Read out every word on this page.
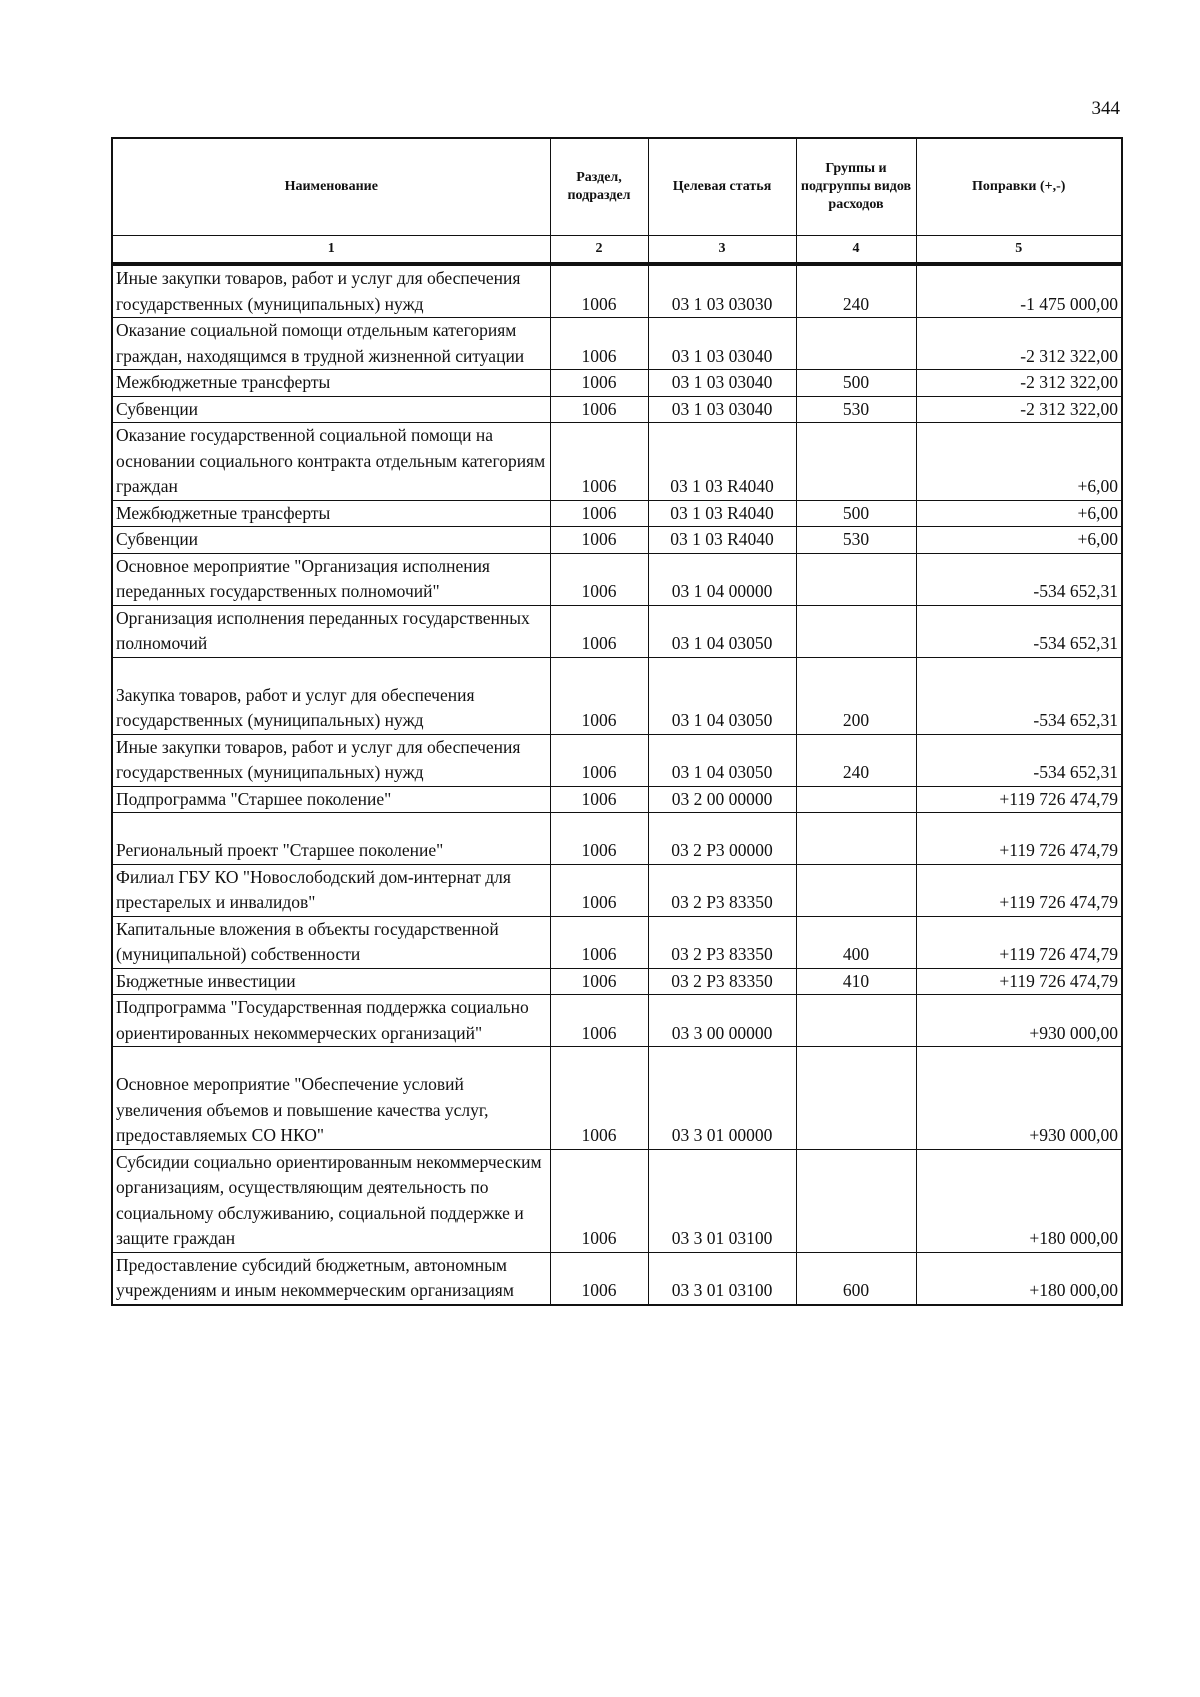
344
Наименование	Раздел, подраздел	Целевая статья	Группы и подгруппы видов расходов	Поправки (+,-)
1	2	3	4	5
Иные закупки товаров, работ и услуг для обеспечения государственных (муниципальных) нужд	1006	03 1 03 03030	240	-1 475 000,00
Оказание социальной помощи отдельным категориям граждан, находящимся в трудной жизненной ситуации	1006	03 1 03 03040		-2 312 322,00
Межбюджетные трансферты	1006	03 1 03 03040	500	-2 312 322,00
Субвенции	1006	03 1 03 03040	530	-2 312 322,00
Оказание государственной социальной помощи на основании социального контракта отдельным категориям граждан	1006	03 1 03 R4040		+6,00
Межбюджетные трансферты	1006	03 1 03 R4040	500	+6,00
Субвенции	1006	03 1 03 R4040	530	+6,00
Основное мероприятие "Организация исполнения переданных государственных полномочий"	1006	03 1 04 00000		-534 652,31
Организация исполнения переданных государственных полномочий	1006	03 1 04 03050		-534 652,31
Закупка товаров, работ и услуг для обеспечения государственных (муниципальных) нужд	1006	03 1 04 03050	200	-534 652,31
Иные закупки товаров, работ и услуг для обеспечения государственных (муниципальных) нужд	1006	03 1 04 03050	240	-534 652,31
Подпрограмма "Старшее поколение"	1006	03 2 00 00000		+119 726 474,79
Региональный проект "Старшее поколение"	1006	03 2 P3 00000		+119 726 474,79
Филиал ГБУ КО "Новослободский дом-интернат для престарелых и инвалидов"	1006	03 2 P3 83350		+119 726 474,79
Капитальные вложения в объекты государственной (муниципальной) собственности	1006	03 2 P3 83350	400	+119 726 474,79
Бюджетные инвестиции	1006	03 2 P3 83350	410	+119 726 474,79
Подпрограмма "Государственная поддержка социально ориентированных некоммерческих организаций"	1006	03 3 00 00000		+930 000,00
Основное мероприятие "Обеспечение условий увеличения объемов и повышение качества услуг, предоставляемых СО НКО"	1006	03 3 01 00000		+930 000,00
Субсидии социально ориентированным некоммерческим организациям, осуществляющим деятельность по социальному обслуживанию, социальной поддержке и защите граждан	1006	03 3 01 03100		+180 000,00
Предоставление субсидий бюджетным, автономным учреждениям и иным некоммерческим организациям	1006	03 3 01 03100	600	+180 000,00
